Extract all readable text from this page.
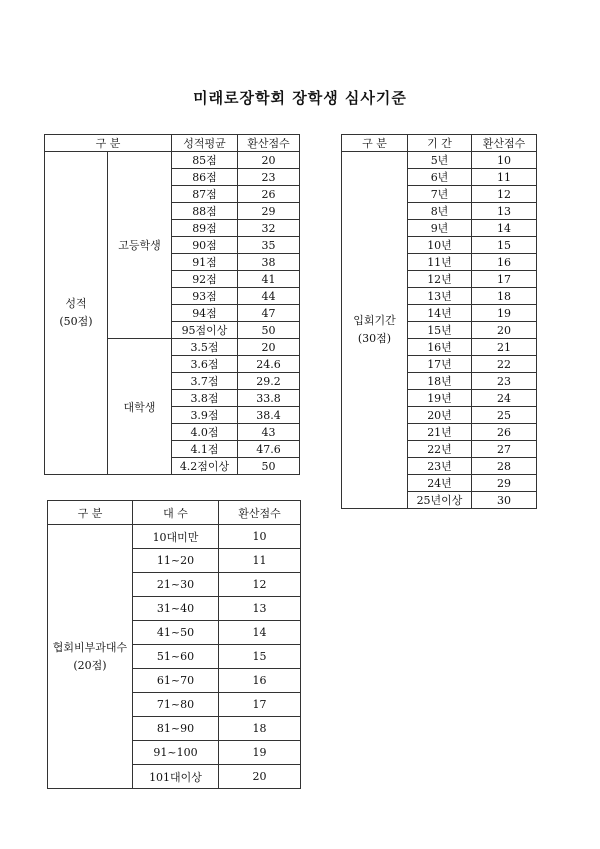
미래로장학회 장학생 심사기준
구 분		성적평균	환산점수

성적
(50점)	고등학생	85점	20
		86점	23
		87점	26
		88점	29
		89점	32
		90점	35
		91점	38
		92점	41
		93점	44
		94점	47
		95점이상	50
	대학생	3.5점	20
		3.6점	24.6
		3.7점	29.2
		3.8점	33.8
		3.9점	38.4
		4.0점	43
		4.1점	47.6
		4.2점이상	50
구 분	기 간	환산점수

입회기간
(30점)	5년	10
	6년	11
	7년	12
	8년	13
	9년	14
	10년	15
	11년	16
	12년	17
	13년	18
	14년	19
	15년	20
	16년	21
	17년	22
	18년	23
	19년	24
	20년	25
	21년	26
	22년	27
	23년	28
	24년	29
	25년이상	30
구 분	대 수	환산점수

협회비부과대수
(20점)	10대미만	10
	11~20	11
	21~30	12
	31~40	13
	41~50	14
	51~60	15
	61~70	16
	71~80	17
	81~90	18
	91~100	19
	101대이상	20
